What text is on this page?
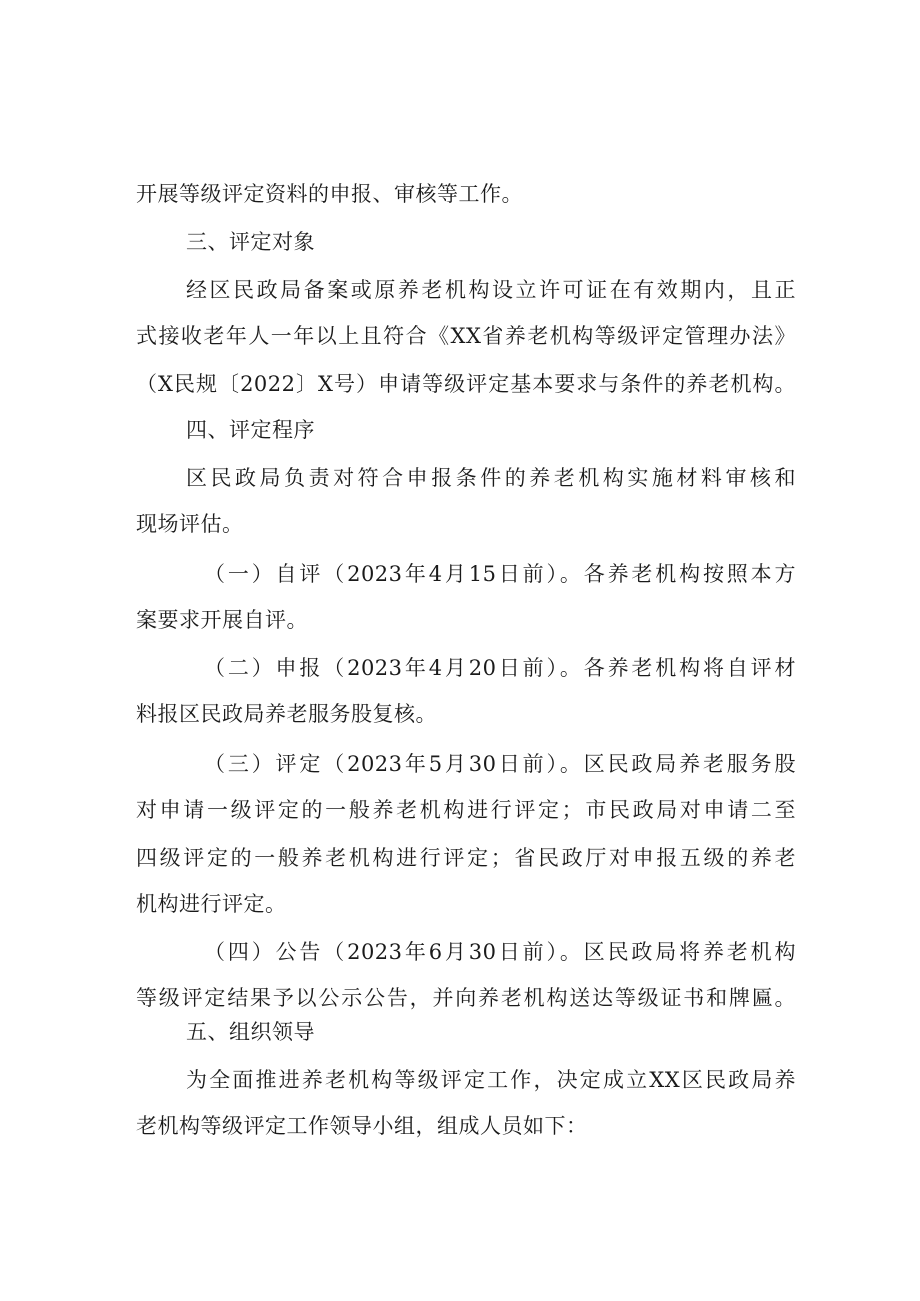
开展等级评定资料的申报、审核等工作。

三、评定对象

经区民政局备案或原养老机构设立许可证在有效期内，且正

式接收老年人一年以上且符合《XX省养老机构等级评定管理办法》

（X民规〔2022〕X号）申请等级评定基本要求与条件的养老机构。

四、评定程序

区民政局负责对符合申报条件的养老机构实施材料审核和

现场评估。

（一）自评（2023年4月15日前）。各养老机构按照本方

案要求开展自评。

（二）申报（2023年4月20日前）。各养老机构将自评材

料报区民政局养老服务股复核。

（三）评定（2023年5月30日前）。区民政局养老服务股

对申请一级评定的一般养老机构进行评定；市民政局对申请二至

四级评定的一般养老机构进行评定；省民政厅对申报五级的养老

机构进行评定。

（四）公告（2023年6月30日前）。区民政局将养老机构

等级评定结果予以公示公告，并向养老机构送达等级证书和牌匾。

五、组织领导

为全面推进养老机构等级评定工作，决定成立XX区民政局养

老机构等级评定工作领导小组，组成人员如下：
